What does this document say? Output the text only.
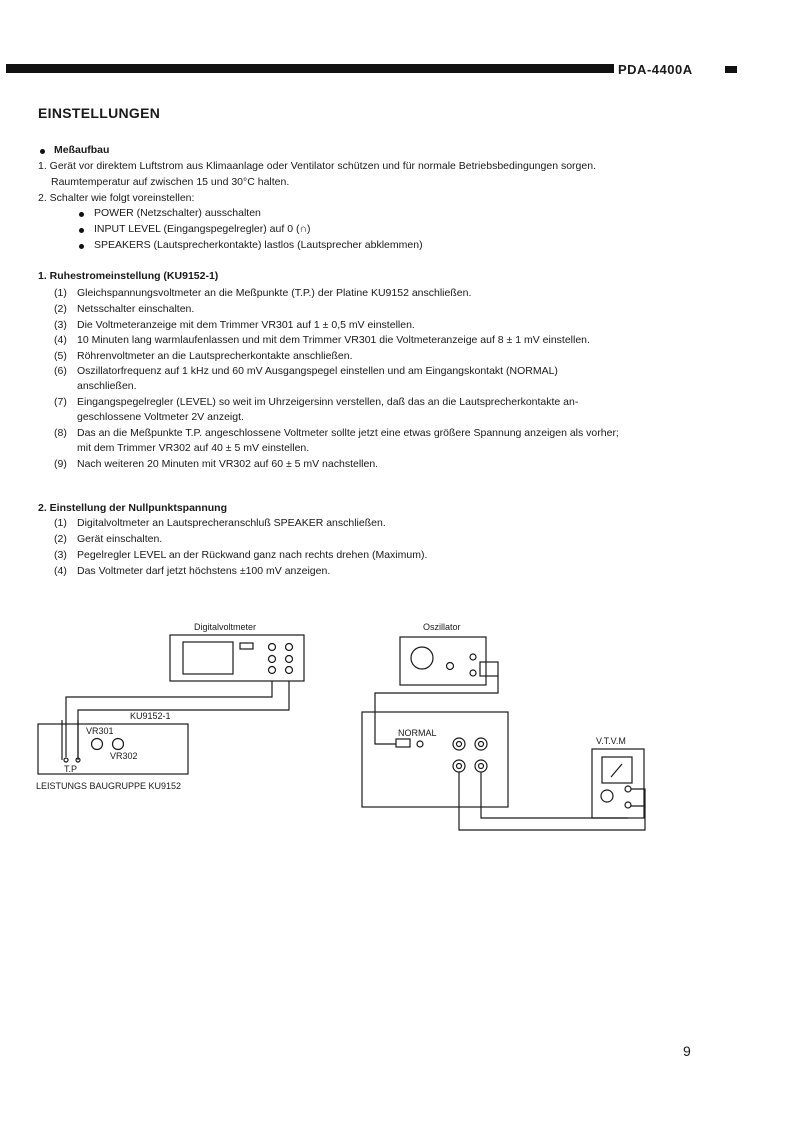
PDA-4400A
EINSTELLUNGEN
Meßaufbau
1. Gerät vor direktem Luftstrom aus Klimaanlage oder Ventilator schützen und für normale Betriebsbedingungen sorgen.
Raumtemperatur auf zwischen 15 und 30°C halten.
2. Schalter wie folgt voreinstellen:
POWER (Netzschalter) ausschalten
INPUT LEVEL (Eingangspegelregler) auf 0 (∩)
SPEAKERS (Lautsprecherkontakte) lastlos (Lautsprecher abklemmen)
1. Ruhestromeinstellung (KU9152-1)
(1) Gleichspannungsvoltmeter an die Meßpunkte (T.P.) der Platine KU9152 anschließen.
(2) Netsschalter einschalten.
(3) Die Voltmeteranzeige mit dem Trimmer VR301 auf 1 ± 0,5 mV einstellen.
(4) 10 Minuten lang warmlaufenlassen und mit dem Trimmer VR301 die Voltmeteranzeige auf 8 ± 1 mV einstellen.
(5) Röhrenvoltmeter an die Lautsprecherkontakte anschließen.
(6) Oszillatorfrequenz auf 1 kHz und 60 mV Ausgangspegel einstellen und am Eingangskontakt (NORMAL)
anschließen.
(7) Eingangspegelregler (LEVEL) so weit im Uhrzeigersinn verstellen, daß das an die Lautsprecherkontakte an-
geschlossene Voltmeter 2V anzeigt.
(8) Das an die Meßpunkte T.P. angeschlossene Voltmeter sollte jetzt eine etwas größere Spannung anzeigen als vorher;
mit dem Trimmer VR302 auf 40 ± 5 mV einstellen.
(9) Nach weiteren 20 Minuten mit VR302 auf 60 ± 5 mV nachstellen.
2. Einstellung der Nullpunktspannung
(1) Digitalvoltmeter an Lautsprecheranschluß SPEAKER anschließen.
(2) Gerät einschalten.
(3) Pegelregler LEVEL an der Rückwand ganz nach rechts drehen (Maximum).
(4) Das Voltmeter darf jetzt höchstens ±100 mV anzeigen.
Digitalvoltmeter	Oszillator
KU9152-1
VR301
VR302
T.P
LEISTUNGS BAUGRUPPE KU9152
NORMAL
V.T.V.M
9
